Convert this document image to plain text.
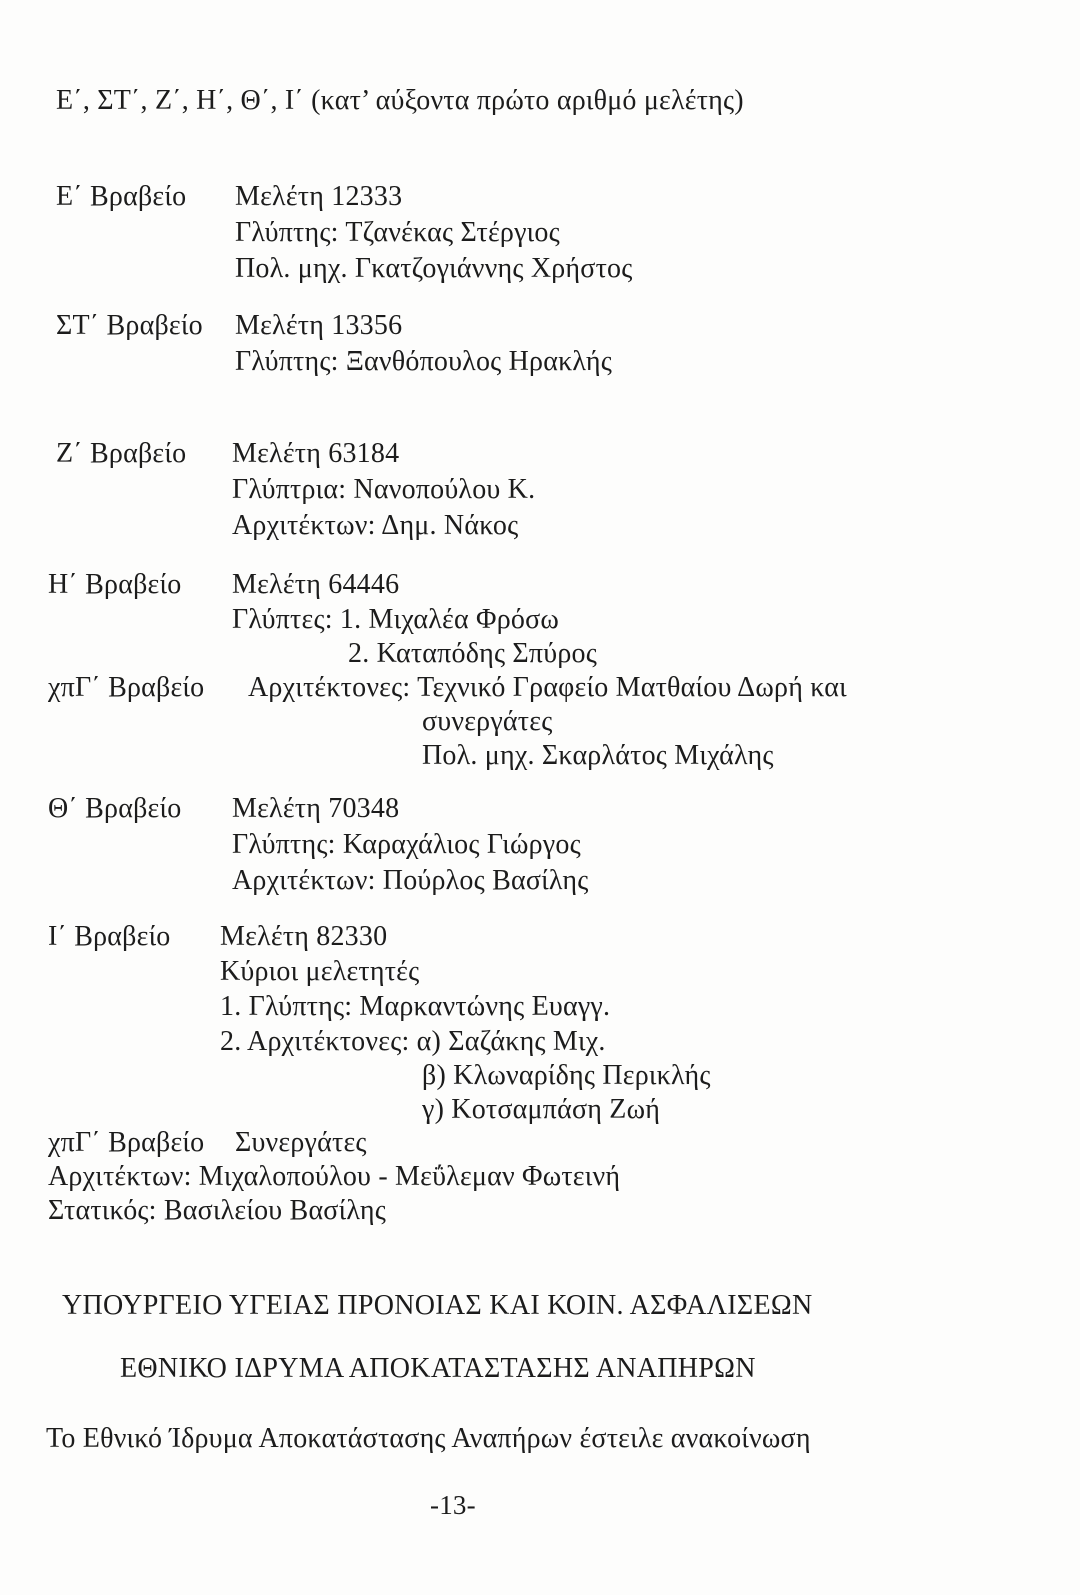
Ε΄, ΣΤ΄, Ζ΄, Η΄, Θ΄, Ι΄ (κατ’ αύξοντα πρώτο αριθμό μελέτης)
Ε΄ Βραβείο Μελέτη 12333
Γλύπτης: Τζανέκας Στέργιος
Πολ. μηχ. Γκατζογιάννης Χρήστος
ΣΤ΄ Βραβείο Μελέτη 13356
Γλύπτης: Ξανθόπουλος Ηρακλής
Ζ΄ Βραβείο Μελέτη 63184
Γλύπτρια: Νανοπούλου Κ.
Αρχιτέκτων: Δημ. Νάκος
Η΄ Βραβείο Μελέτη 64446
Γλύπτες: 1. Μιχαλέα Φρόσω
2. Καταπόδης Σπύρος
χπΓ΄ Βραβείο Αρχιτέκτονες: Τεχνικό Γραφείο Ματθαίου Δωρή και
συνεργάτες
Πολ. μηχ. Σκαρλάτος Μιχάλης
Θ΄ Βραβείο Μελέτη 70348
Γλύπτης: Καραχάλιος Γιώργος
Αρχιτέκτων: Πούρλος Βασίλης
Ι΄ Βραβείο Μελέτη 82330
Κύριοι μελετητές
1. Γλύπτης: Μαρκαντώνης Ευαγγ.
2. Αρχιτέκτονες: α) Σαζάκης Μιχ.
β) Κλωναρίδης Περικλής
γ) Κοτσαμπάση Ζωή
χπΓ΄ Βραβείο Συνεργάτες
Αρχιτέκτων: Μιχαλοπούλου - Μεΰλεμαν Φωτεινή
Στατικός: Βασιλείου Βασίλης
ΥΠΟΥΡΓΕΙΟ ΥΓΕΙΑΣ ΠΡΟΝΟΙΑΣ ΚΑΙ ΚΟΙΝ. ΑΣΦΑΛΙΣΕΩΝ
ΕΘΝΙΚΟ ΙΔΡΥΜΑ ΑΠΟΚΑΤΑΣΤΑΣΗΣ ΑΝΑΠΗΡΩΝ
Το Εθνικό Ίδρυμα Αποκατάστασης Αναπήρων έστειλε ανακοίνωση
-13-
